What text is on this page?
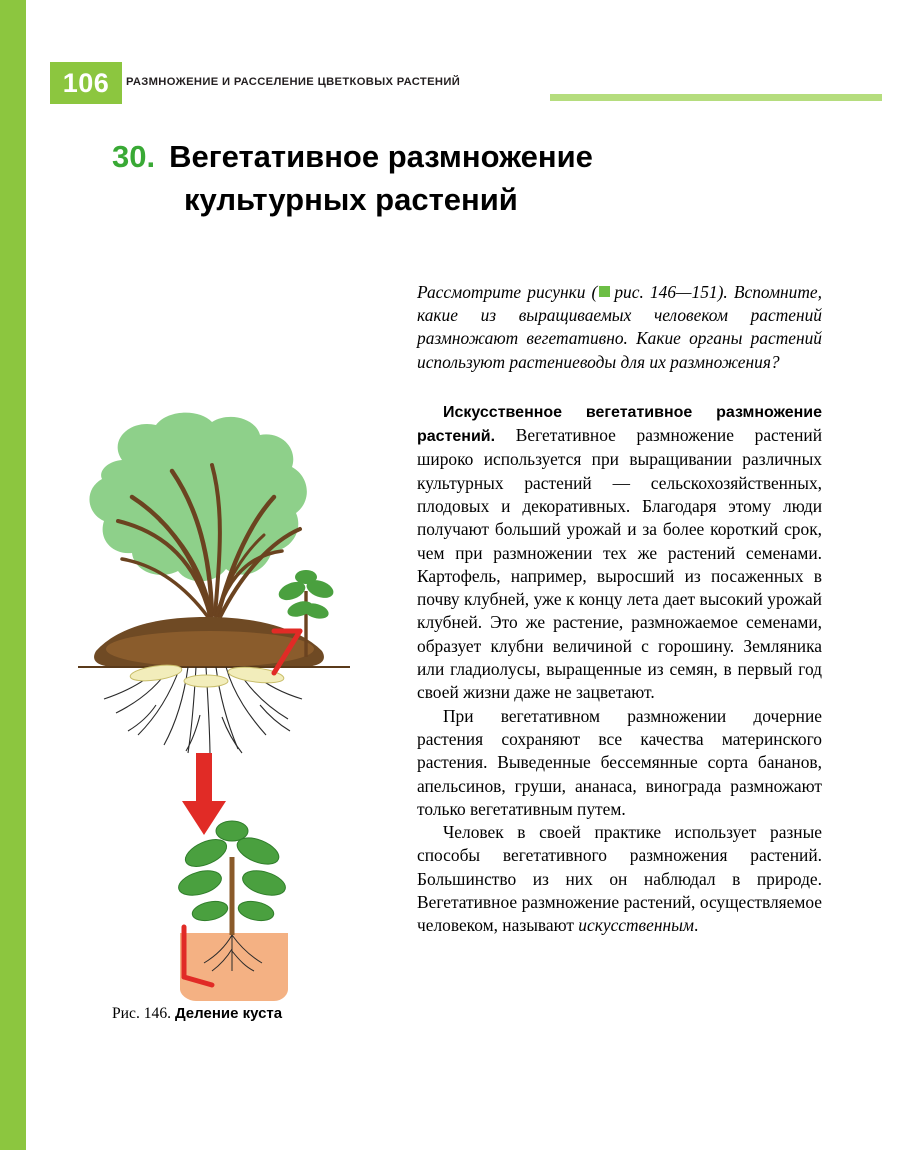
106	РАЗМНОЖЕНИЕ И РАССЕЛЕНИЕ ЦВЕТКОВЫХ РАСТЕНИЙ
30. Вегетативное размножение
культурных растений
Рис. 146. Деление куста

Рассмотрите рисунки ( рис. 146—151). Вспомните, какие из выращиваемых человеком растений размножают вегетативно. Какие органы растений используют растениеводы для их размножения?

Искусственное вегетативное размножение растений. Вегетативное размножение растений широко используется при выращивании различных культурных растений — сельскохозяйственных, плодовых и декоративных. Благодаря этому люди получают больший урожай и за более короткий срок, чем при размножении тех же растений семенами. Картофель, например, выросший из посаженных в почву клубней, уже к концу лета дает высокий урожай клубней. Это же растение, размножаемое семенами, образует клубни величиной с горошину. Земляника или гладиолусы, выращенные из семян, в первый год своей жизни даже не зацветают.

При вегетативном размножении дочерние растения сохраняют все качества материнского растения. Выведенные бессемянные сорта бананов, апельсинов, груши, ананаса, винограда размножают только вегетативным путем.

Человек в своей практике использует разные способы вегетативного размножения растений. Большинство из них он наблюдал в природе. Вегетативное размножение растений, осуществляемое человеком, называют искусственным.
